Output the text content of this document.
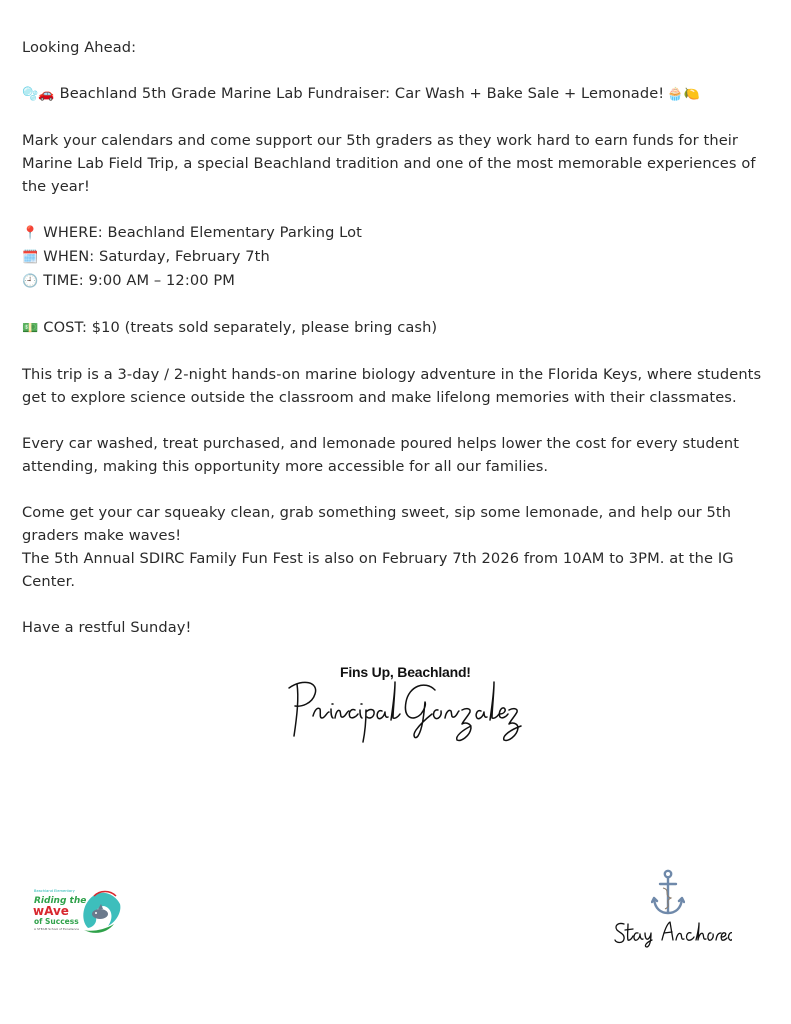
Looking Ahead:

🫧🚗 Beachland 5th Grade Marine Lab Fundraiser: Car Wash + Bake Sale + Lemonade! 🧁🍋

Mark your calendars and come support our 5th graders as they work hard to earn funds for their Marine Lab Field Trip, a special Beachland tradition and one of the most memorable experiences of the year!

📍 WHERE: Beachland Elementary Parking Lot

🗓️ WHEN: Saturday, February 7th

🕘 TIME: 9:00 AM – 12:00 PM

💵 COST: $10 (treats sold separately, please bring cash)

This trip is a 3-day / 2-night hands-on marine biology adventure in the Florida Keys, where students get to explore science outside the classroom and make lifelong memories with their classmates.

Every car washed, treat purchased, and lemonade poured helps lower the cost for every student attending, making this opportunity more accessible for all our families.

Come get your car squeaky clean, grab something sweet, sip some lemonade, and help our 5th graders make waves!

The 5th Annual SDIRC Family Fun Fest is also on February 7th 2026 from 10AM to 3PM. at the IG Center.

Have a restful Sunday!

Fins Up, Beachland!
Beachland Elementary
Riding the
wAve
of Success
A STEAM School of Excellence
